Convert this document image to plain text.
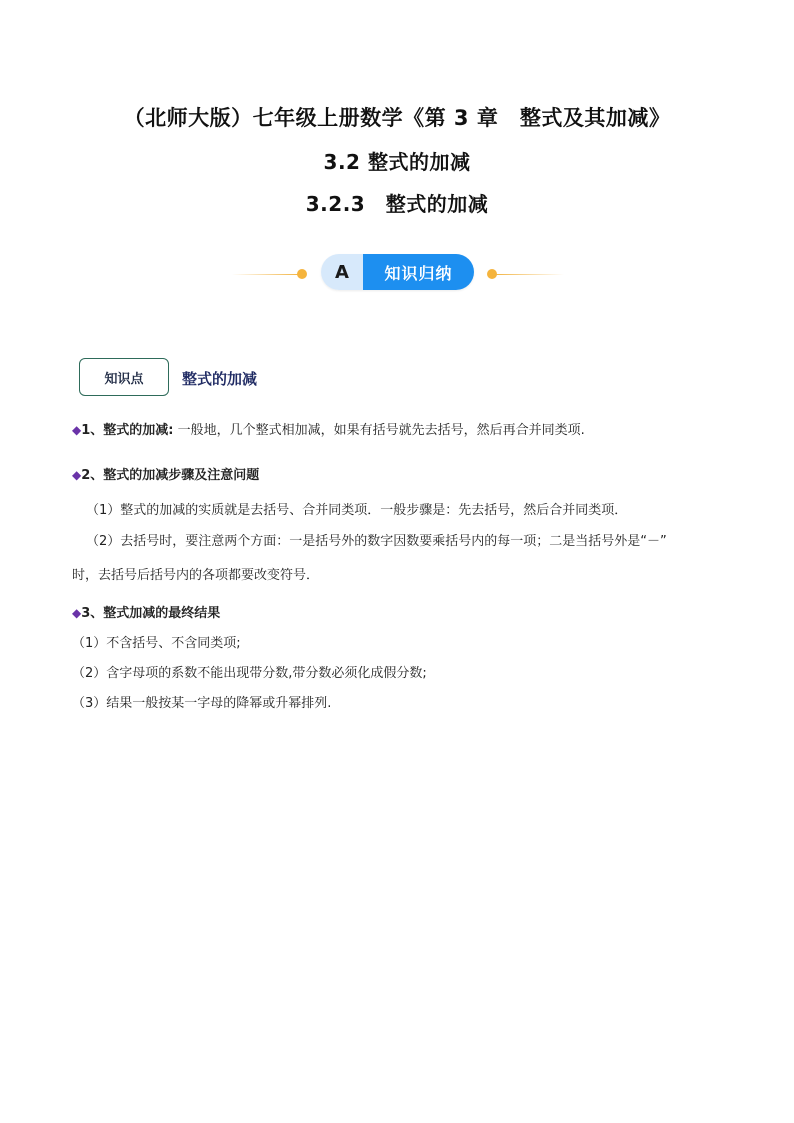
（北师大版）七年级上册数学《第 3 章　整式及其加减》
3.2 整式的加减
3.2.3　整式的加减
A	知识归纳
知识点	整式的加减
◆1、整式的加减: 一般地，几个整式相加减，如果有括号就先去括号，然后再合并同类项.
◆2、整式的加减步骤及注意问题
（1）整式的加减的实质就是去括号、合并同类项．一般步骤是：先去括号，然后合并同类项．
（2）去括号时，要注意两个方面：一是括号外的数字因数要乘括号内的每一项；二是当括号外是“－”
时，去括号后括号内的各项都要改变符号．
◆3、整式加减的最终结果
（1）不含括号、不含同类项;
（2）含字母项的系数不能出现带分数,带分数必须化成假分数;
（3）结果一般按某一字母的降幂或升幂排列.
